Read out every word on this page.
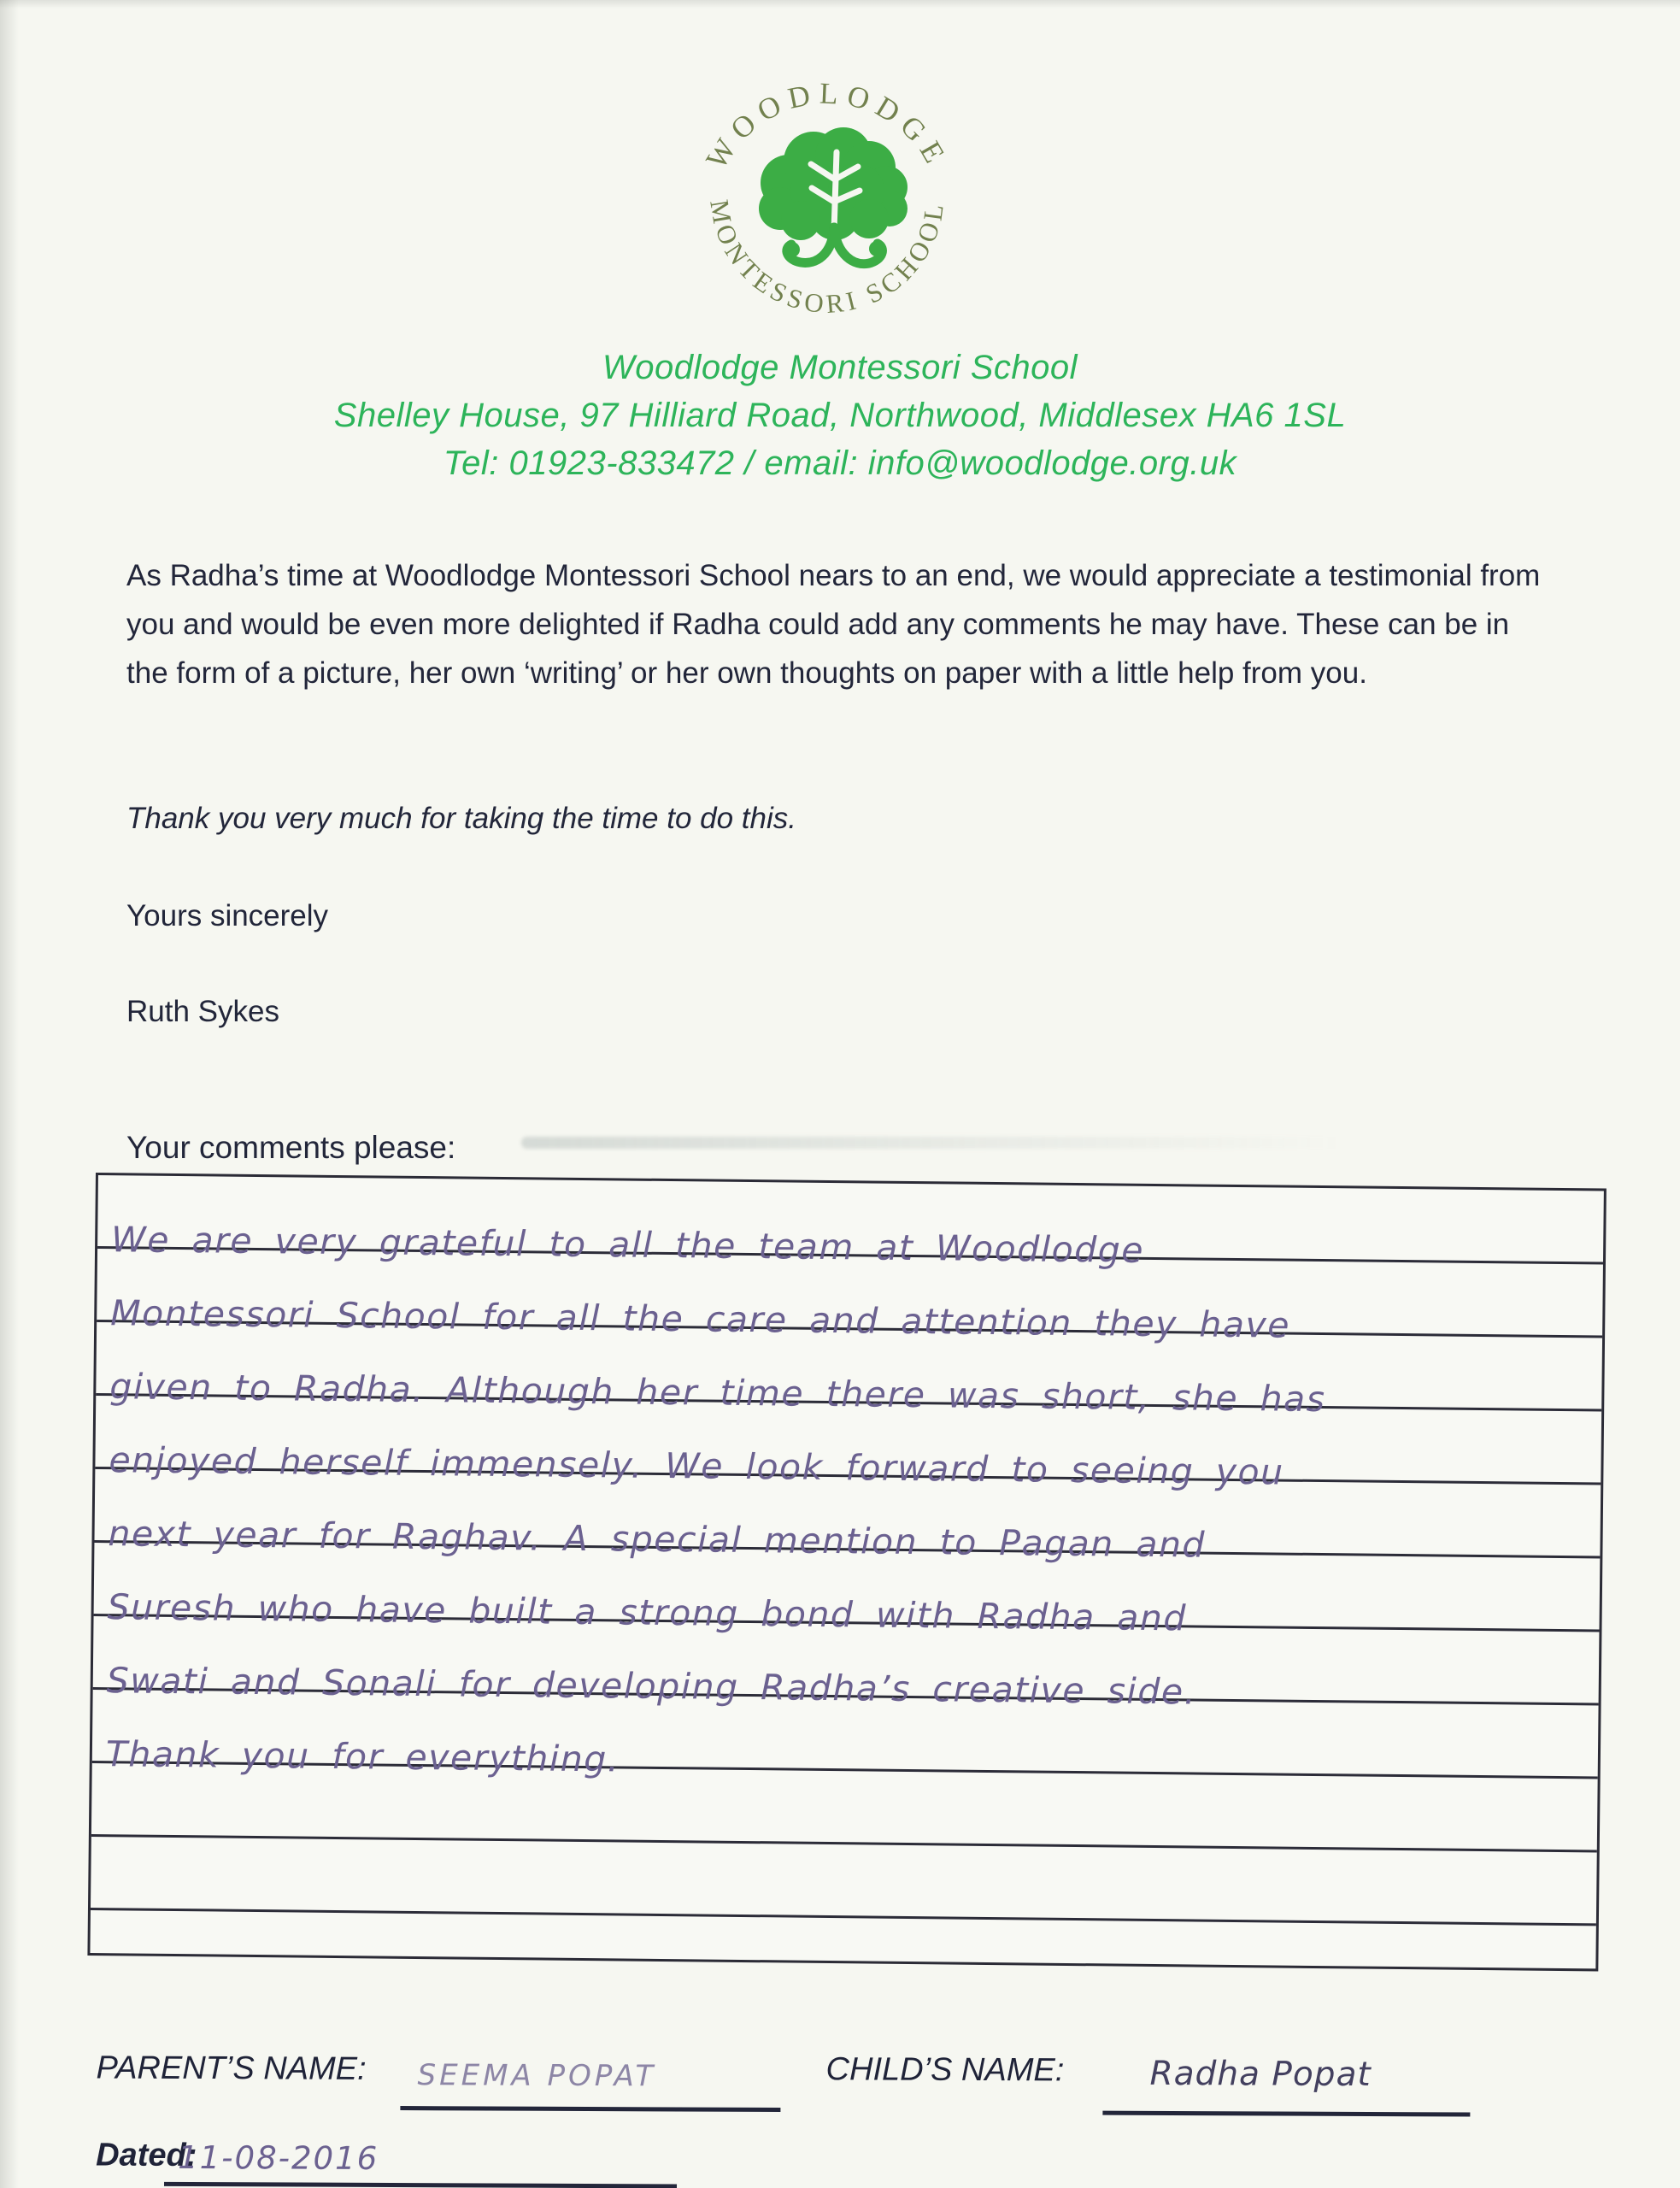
WOODLODGE
MONTESSORI SCHOOL
Woodlodge Montessori School
Shelley House, 97 Hilliard Road, Northwood, Middlesex HA6 1SL
Tel: 01923-833472 / email: info@woodlodge.org.uk

As Radha’s time at Woodlodge Montessori School nears to an end, we would appreciate a testimonial from you and would be even more delighted if Radha could add any comments he may have. These can be in the form of a picture, her own ‘writing’ or her own thoughts on paper with a little help from you.

Thank you very much for taking the time to do this.
Yours sincerely
Ruth Sykes
Your comments please:
We are very grateful to all the team at Woodlodge
Montessori School for all the care and attention they have
given to Radha. Although her time there was short, she has
enjoyed herself immensely. We look forward to seeing you
next year for Raghav. A special mention to Pagan and
Suresh who have built a strong bond with Radha and
Swati and Sonali for developing Radha’s creative side.
Thank you for everything.
PARENT’S NAME: SEEMA POPAT	CHILD’S NAME:	Radha Popat
Dated:
11-08-2016
